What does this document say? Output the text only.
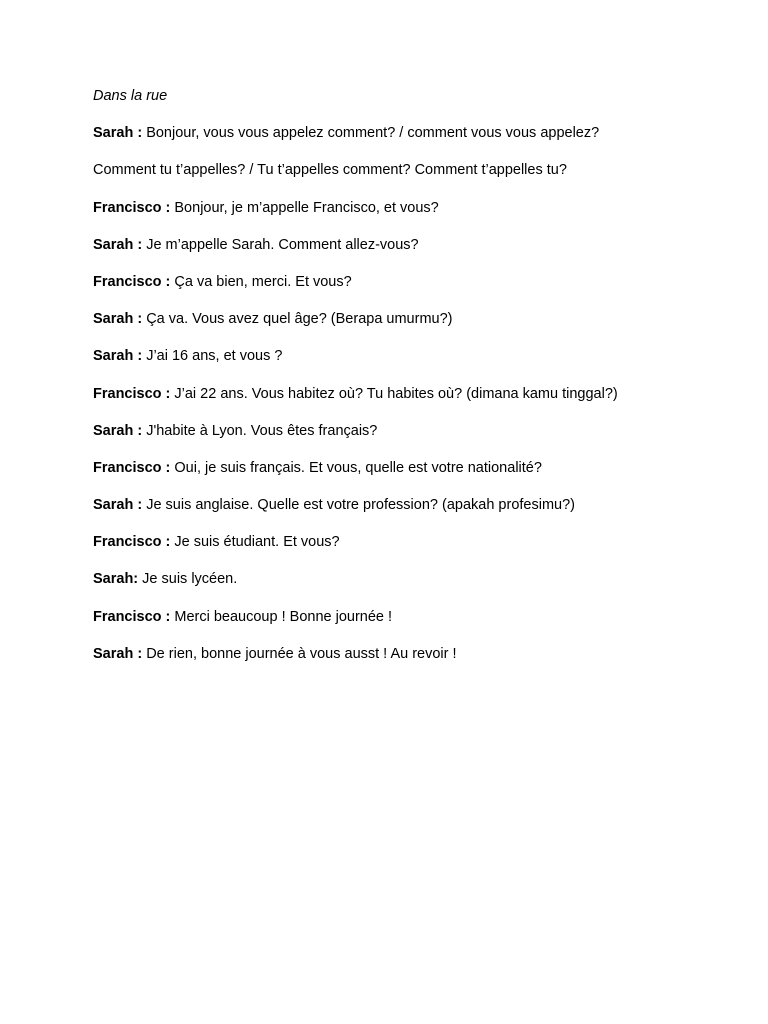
Dans la rue
Sarah : Bonjour, vous vous appelez comment? / comment vous vous appelez?
Comment tu t’appelles? / Tu t’appelles comment? Comment t’appelles tu?
Francisco : Bonjour, je m’appelle Francisco, et vous?
Sarah : Je m’appelle Sarah. Comment allez-vous?
Francisco : Ça va bien, merci. Et vous?
Sarah : Ça va. Vous avez quel âge? (Berapa umurmu?)
Sarah : J’ai 16 ans, et vous ?
Francisco : J’ai 22 ans. Vous habitez où? Tu habites où? (dimana kamu tinggal?)
Sarah : J'habite à Lyon. Vous êtes français?
Francisco : Oui, je suis français. Et vous, quelle est votre nationalité?
Sarah : Je suis anglaise. Quelle est votre profession? (apakah profesimu?)
Francisco : Je suis étudiant. Et vous?
Sarah: Je suis lycéen.
Francisco : Merci beaucoup ! Bonne journée !
Sarah : De rien, bonne journée à vous ausst ! Au revoir !
